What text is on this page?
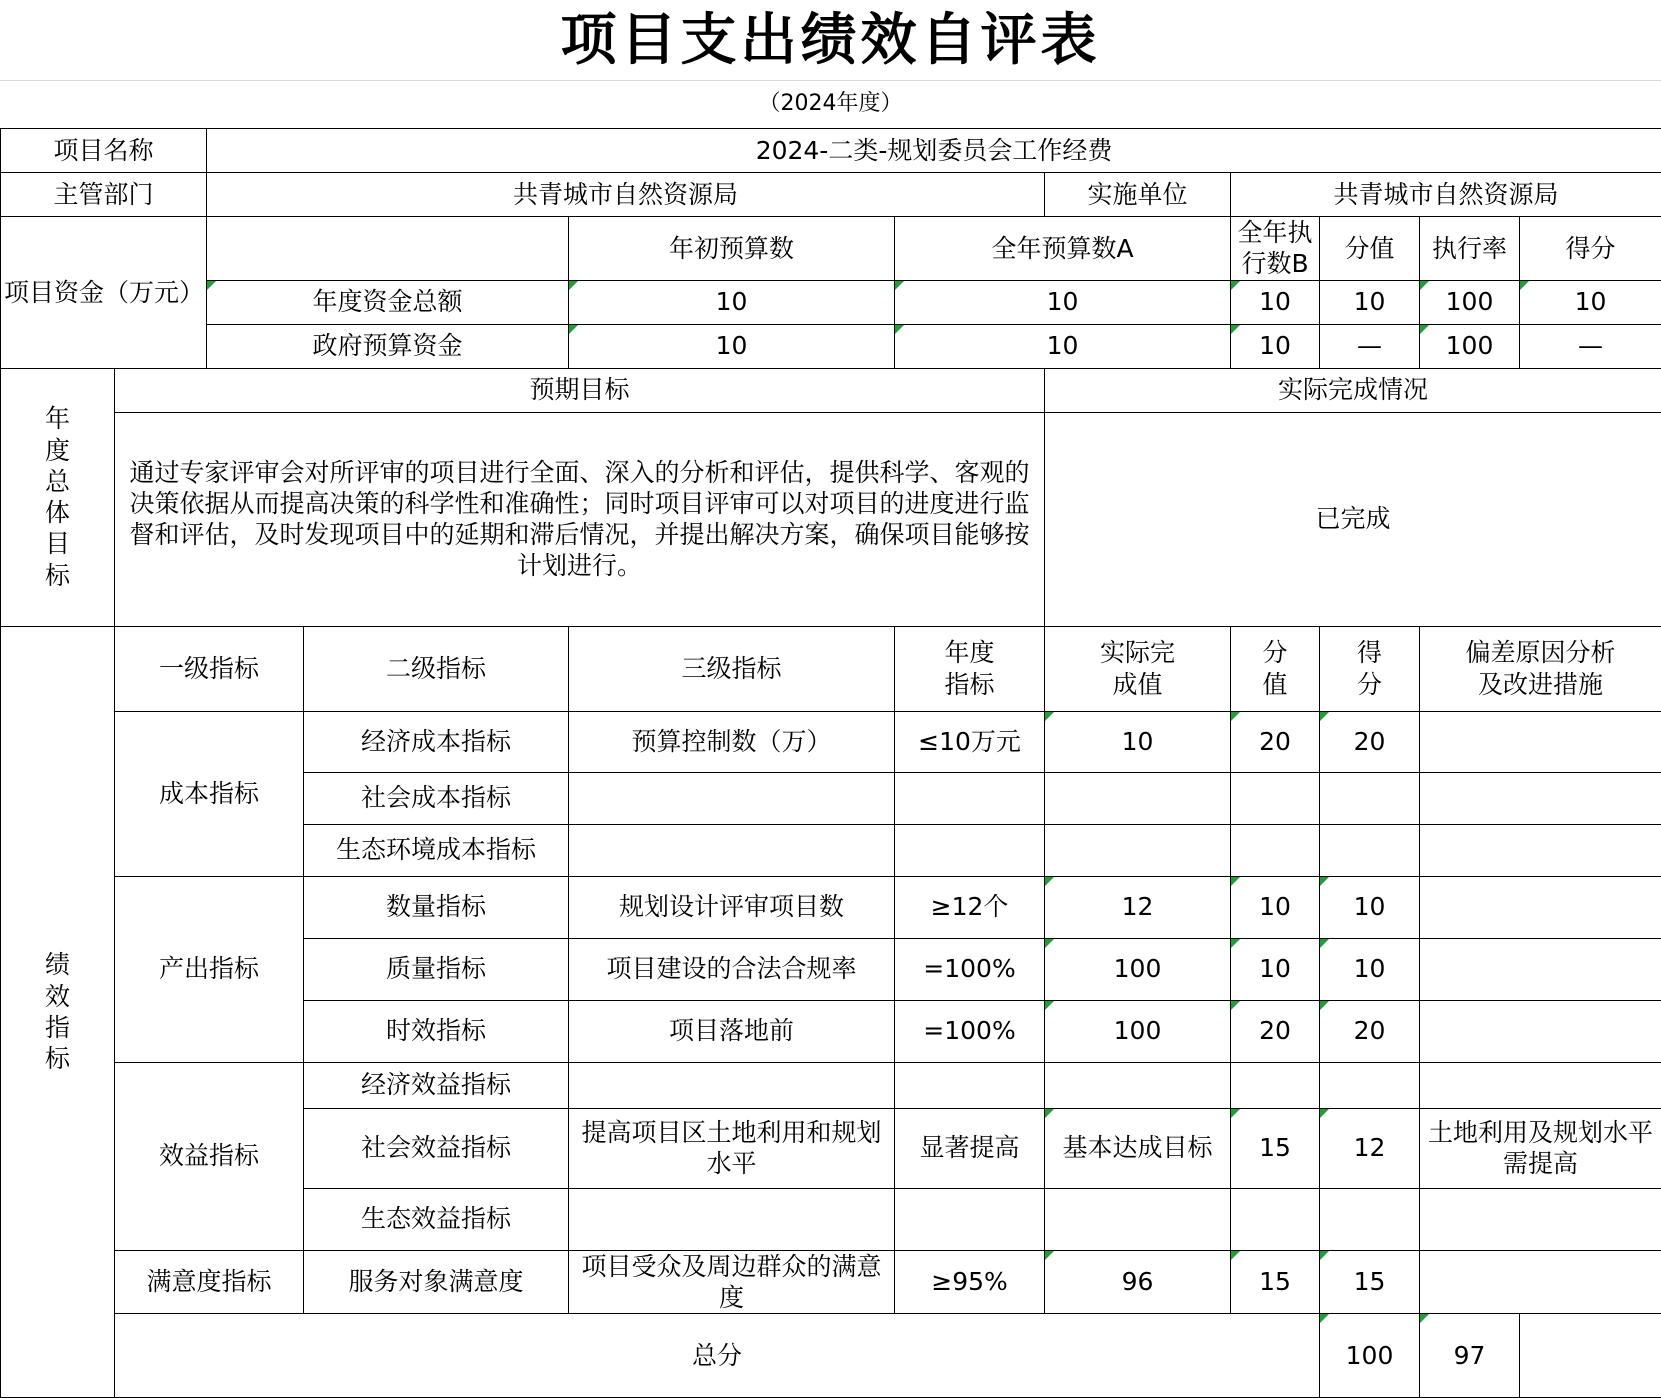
项目支出绩效自评表
（2024年度）
项目名称		2024-二类-规划委员会工作经费								
主管部门		共青城市自然资源局				实施单位	共青城市自然资源局			
项目资金（万元）				年初预算数	全年预算数A		全年执行数B	分值	执行率	得分

年度资金总额		10	10		10	10	100	10
		政府预算资金		10	10		10	—	100	—
年度总体目标	预期目标					实际完成情况				
	通过专家评审会对所评审的项目进行全面、深入的分析和评估，提供科学、客观的决策依据从而提高决策的科学性和准确性；同时项目评审可以对项目的进度进行监督和评估，及时发现项目中的延期和滞后情况，并提出解决方案，确保项目能够按计划进行。					已完成				
绩效指标	一级指标		二级指标	三级指标	年度指标	实际完成值	分值	得分	偏差原因分析及改进措施	
	成本指标		经济成本指标	预算控制数（万）	≤10万元	10	20	20		
			社会成本指标							
			生态环境成本指标							
	产出指标		数量指标	规划设计评审项目数	≥12个	12	10	10		
			质量指标	项目建设的合法合规率	=100%	100	10	10		
			时效指标	项目落地前	=100%	100	20	20		
	效益指标		经济效益指标							
			社会效益指标	提高项目区土地利用和规划水平	显著提高	基本达成目标	15	12	土地利用及规划水平需提高	
			生态效益指标							
	满意度指标		服务对象满意度	项目受众及周边群众的满意度	≥95%	96	15	15		
	总分							100	97	
